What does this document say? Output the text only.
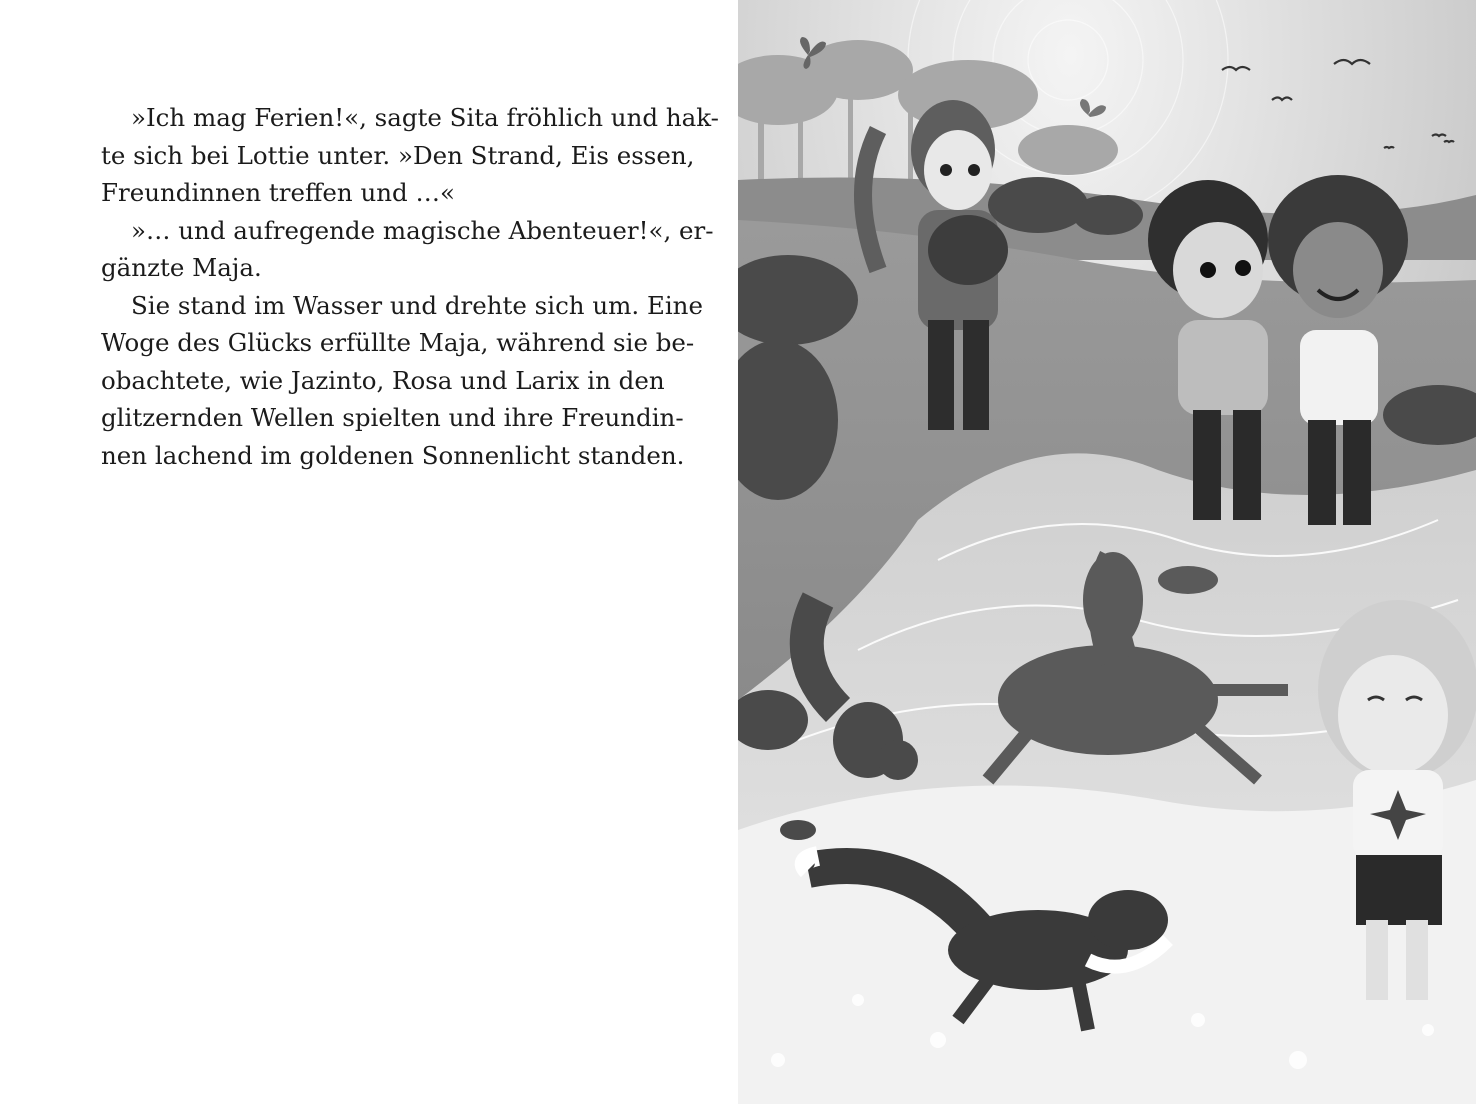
»Ich mag Ferien!«, sagte Sita fröhlich und hak-
te sich bei Lottie unter. »Den Strand, Eis essen,
Freundinnen treffen und …«

»… und aufregende magische Abenteuer!«, er-
gänzte Maja.

Sie stand im Wasser und drehte sich um. Eine
Woge des Glücks erfüllte Maja, während sie be-
obachtete, wie Jazinto, Rosa und Larix in den
glitzernden Wellen spielten und ihre Freundin-
nen lachend im goldenen Sonnenlicht standen.
